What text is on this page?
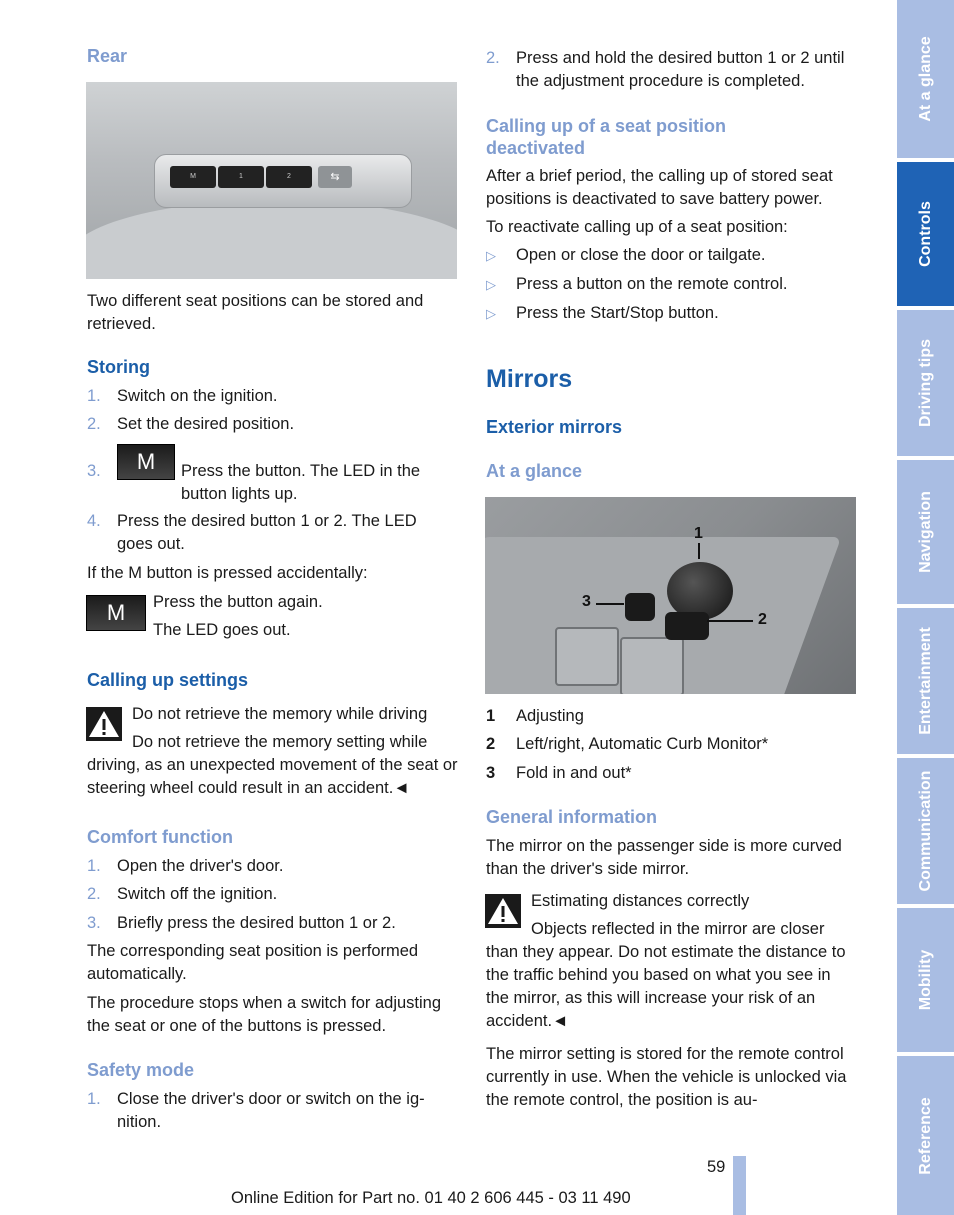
Rear
M	1	2	⇆
Two different seat positions can be stored and retrieved.
Storing
1. Switch on the ignition.
2. Set the desired position.
3.	M	Press the button. The LED in the button lights up.
4. Press the desired button 1 or 2. The LED goes out.
If the M button is pressed accidentally:
M	Press the button again.
The LED goes out.
Calling up settings
Do not retrieve the memory while driving
Do not retrieve the memory setting while driving, as an unexpected movement of the seat or steering wheel could result in an accident.◄
Comfort function
1. Open the driver's door.
2. Switch off the ignition.
3. Briefly press the desired button 1 or 2.
The corresponding seat position is performed automatically.
The procedure stops when a switch for adjusting the seat or one of the buttons is pressed.
Safety mode
1. Close the driver's door or switch on the ignition.
2. Press and hold the desired button 1 or 2 until the adjustment procedure is completed.
Calling up of a seat position deactivated
After a brief period, the calling up of stored seat positions is deactivated to save battery power.
To reactivate calling up of a seat position:
▷ Open or close the door or tailgate.
▷ Press a button on the remote control.
▷ Press the Start/Stop button.
Mirrors
Exterior mirrors
At a glance
1
2
3
1 Adjusting
2 Left/right, Automatic Curb Monitor*
3 Fold in and out*
General information
The mirror on the passenger side is more curved than the driver's side mirror.
Estimating distances correctly
Objects reflected in the mirror are closer than they appear. Do not estimate the distance to the traffic behind you based on what you see in the mirror, as this will increase your risk of an accident.◄
The mirror setting is stored for the remote control currently in use. When the vehicle is unlocked via the remote control, the position is au-
59
Online Edition for Part no. 01 40 2 606 445 - 03 11 490
At a glance
Controls
Driving tips
Navigation
Entertainment
Communication
Mobility
Reference
